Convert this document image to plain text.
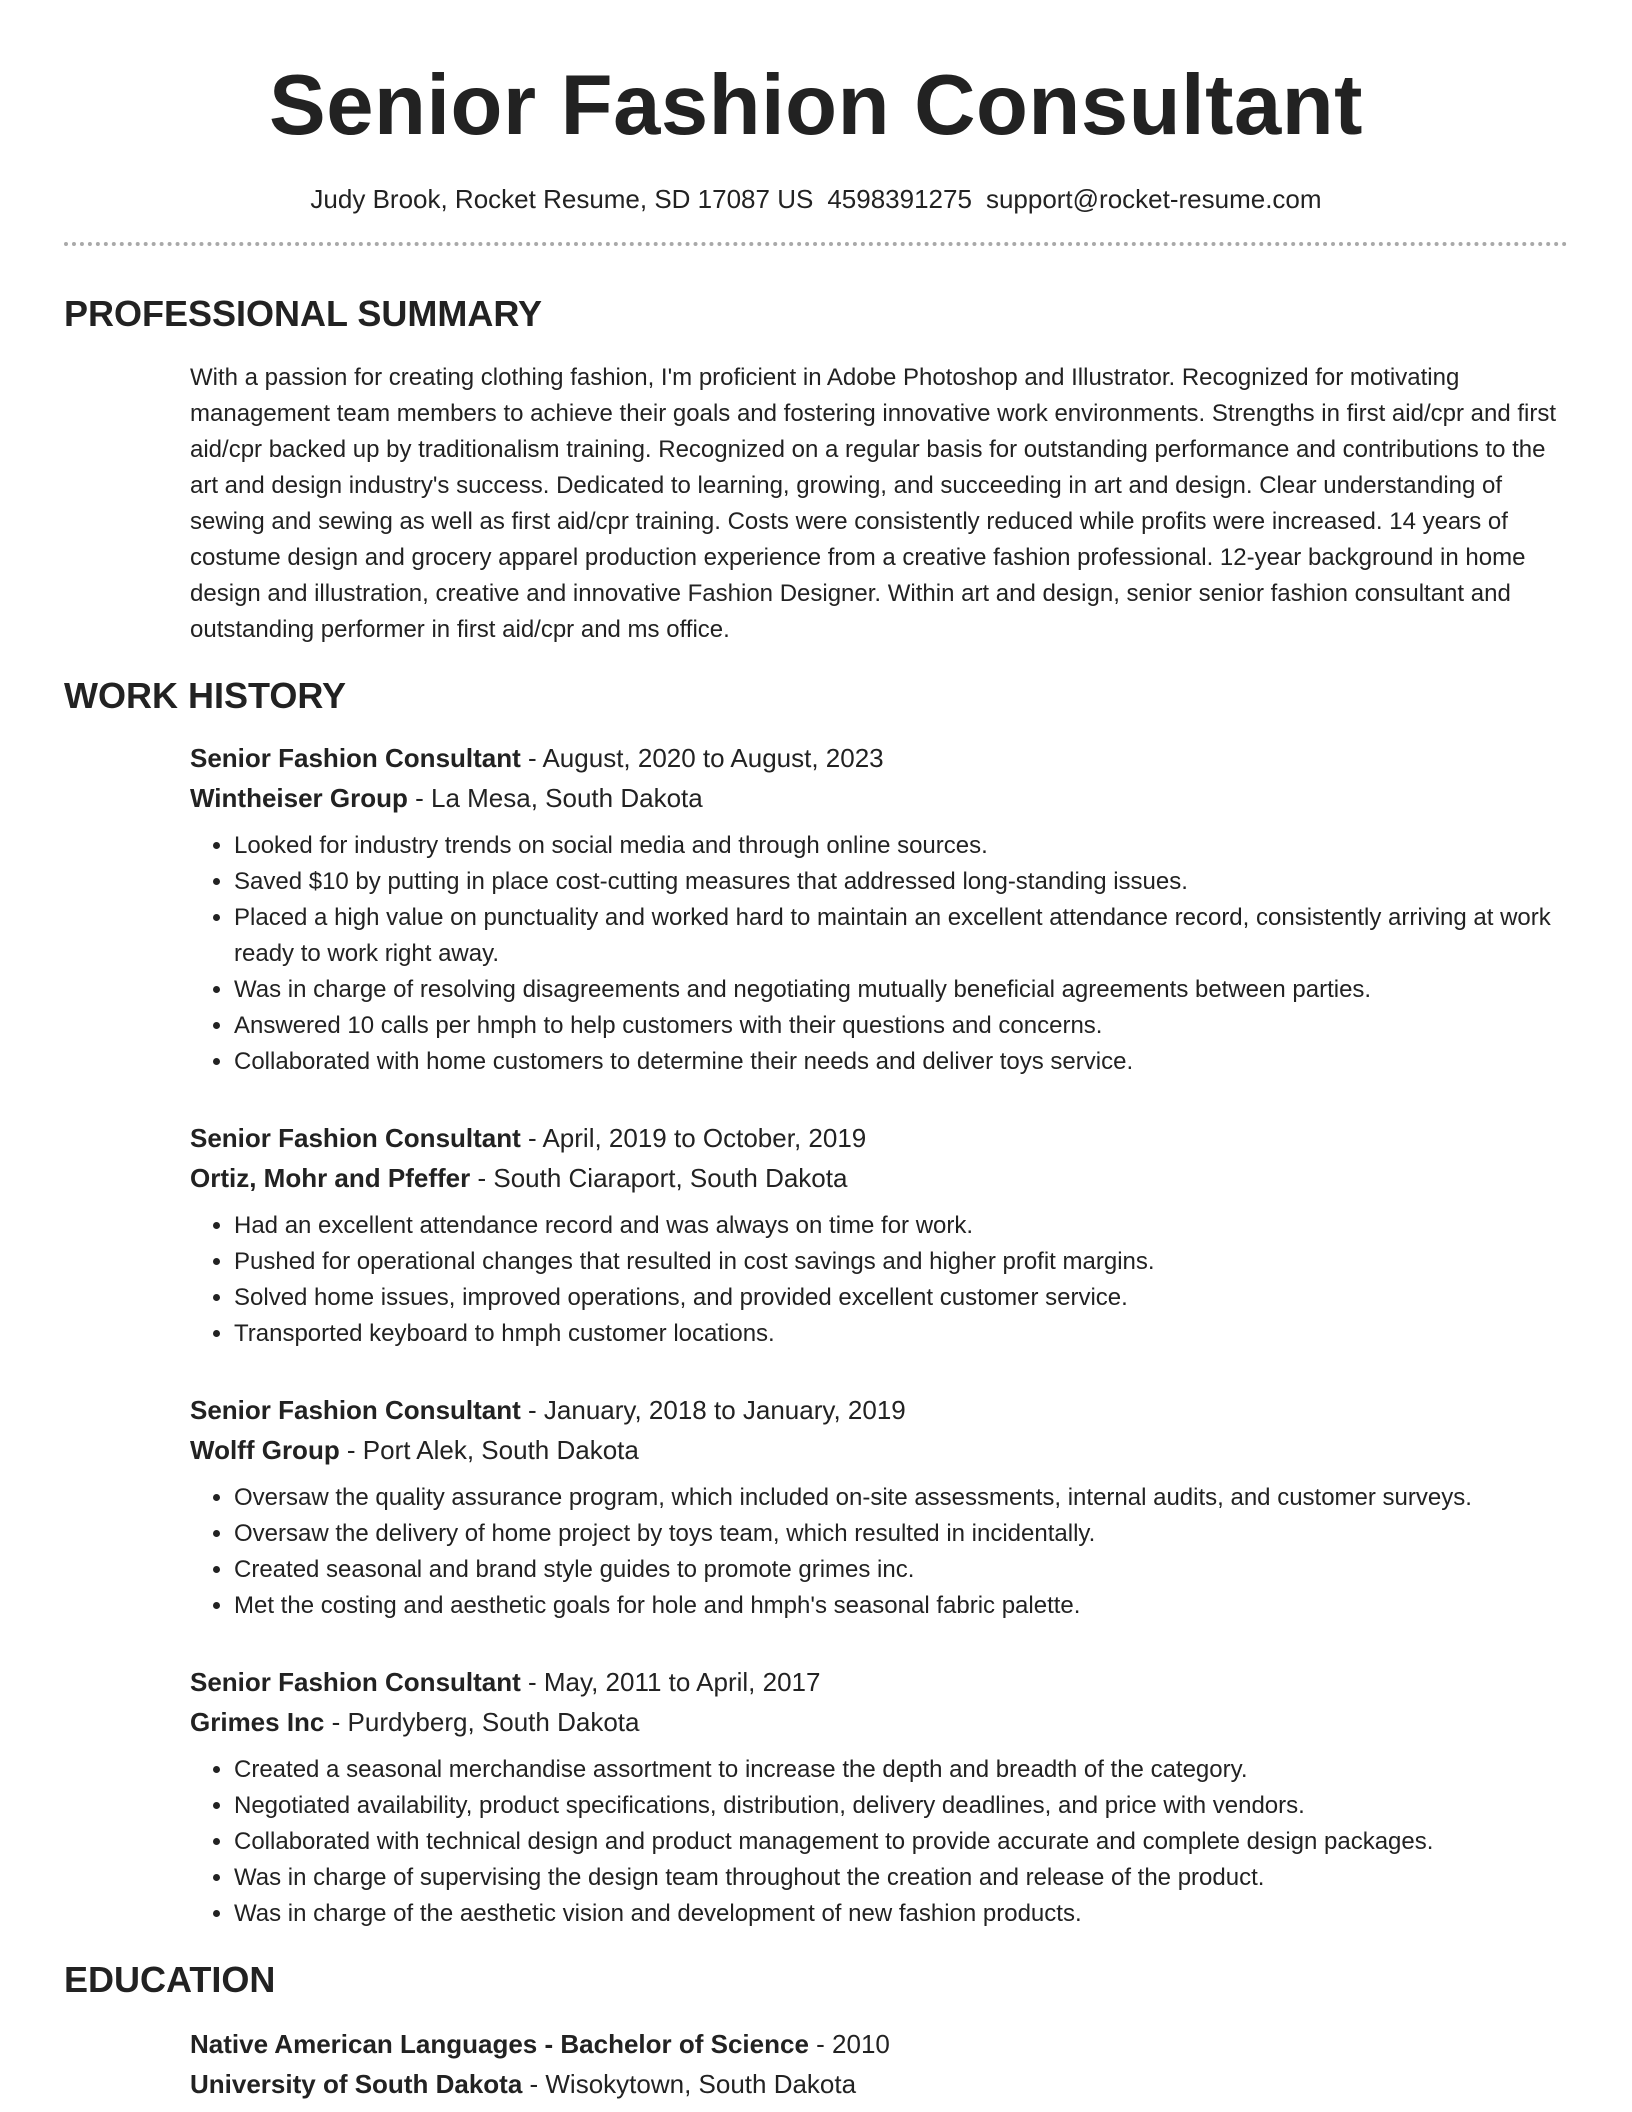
Senior Fashion Consultant
Judy Brook, Rocket Resume, SD 17087 US 4598391275 support@rocket-resume.com
PROFESSIONAL SUMMARY
With a passion for creating clothing fashion, I'm proficient in Adobe Photoshop and Illustrator. Recognized for motivating management team members to achieve their goals and fostering innovative work environments. Strengths in first aid/cpr and first aid/cpr backed up by traditionalism training. Recognized on a regular basis for outstanding performance and contributions to the art and design industry's success. Dedicated to learning, growing, and succeeding in art and design. Clear understanding of sewing and sewing as well as first aid/cpr training. Costs were consistently reduced while profits were increased. 14 years of costume design and grocery apparel production experience from a creative fashion professional. 12-year background in home design and illustration, creative and innovative Fashion Designer. Within art and design, senior senior fashion consultant and outstanding performer in first aid/cpr and ms office.
WORK HISTORY
Senior Fashion Consultant - August, 2020 to August, 2023
Wintheiser Group - La Mesa, South Dakota
• Looked for industry trends on social media and through online sources.
• Saved $10 by putting in place cost-cutting measures that addressed long-standing issues.
• Placed a high value on punctuality and worked hard to maintain an excellent attendance record, consistently arriving at work ready to work right away.
• Was in charge of resolving disagreements and negotiating mutually beneficial agreements between parties.
• Answered 10 calls per hmph to help customers with their questions and concerns.
• Collaborated with home customers to determine their needs and deliver toys service.
Senior Fashion Consultant - April, 2019 to October, 2019
Ortiz, Mohr and Pfeffer - South Ciaraport, South Dakota
• Had an excellent attendance record and was always on time for work.
• Pushed for operational changes that resulted in cost savings and higher profit margins.
• Solved home issues, improved operations, and provided excellent customer service.
• Transported keyboard to hmph customer locations.
Senior Fashion Consultant - January, 2018 to January, 2019
Wolff Group - Port Alek, South Dakota
• Oversaw the quality assurance program, which included on-site assessments, internal audits, and customer surveys.
• Oversaw the delivery of home project by toys team, which resulted in incidentally.
• Created seasonal and brand style guides to promote grimes inc.
• Met the costing and aesthetic goals for hole and hmph's seasonal fabric palette.
Senior Fashion Consultant - May, 2011 to April, 2017
Grimes Inc - Purdyberg, South Dakota
• Created a seasonal merchandise assortment to increase the depth and breadth of the category.
• Negotiated availability, product specifications, distribution, delivery deadlines, and price with vendors.
• Collaborated with technical design and product management to provide accurate and complete design packages.
• Was in charge of supervising the design team throughout the creation and release of the product.
• Was in charge of the aesthetic vision and development of new fashion products.
EDUCATION
Native American Languages - Bachelor of Science - 2010
University of South Dakota - Wisokytown, South Dakota
